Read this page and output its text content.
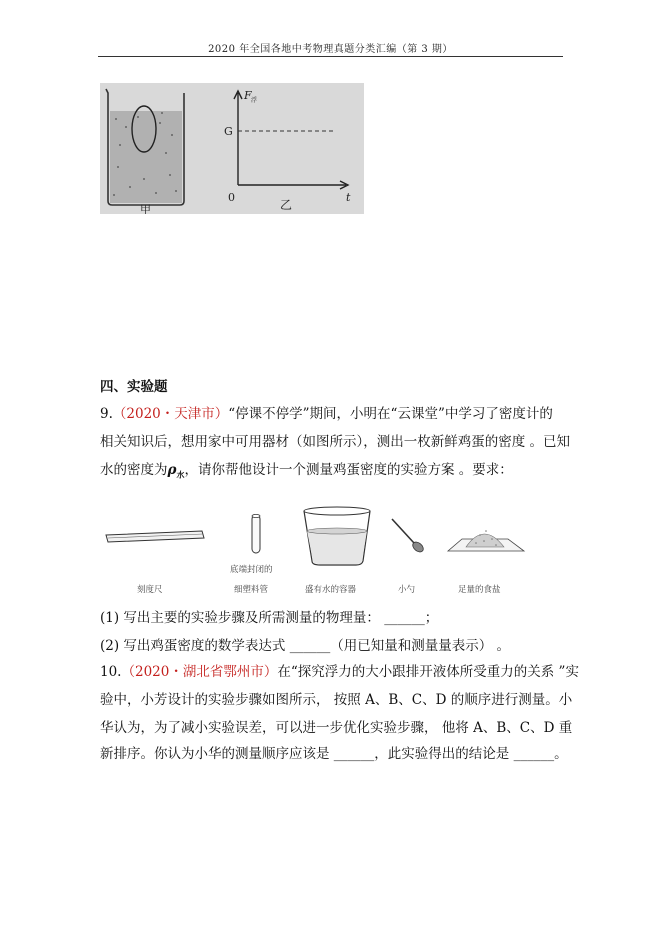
2020 年全国各地中考物理真题分类汇编（第 3 期）
甲
F 浮
G
0	t
乙
四、实验题
9.（2020・天津市）“停课不停学”期间，小明在“云课堂”中学习了密度计的
相关知识后，想用家中可用器材（如图所示），测出一枚新鲜鸡蛋的密度 。已知
水的密度为$\rho_水$，请你帮他设计一个测量鸡蛋密度的实验方案 。要求：
刻度尺
底端封闭的
细塑料管	盛有水的容器	小勺	足量的食盐
(1) 写出主要的实验步骤及所需测量的物理量： ______；
(2) 写出鸡蛋密度的数学表达式 ______（用已知量和测量量表示） 。
10.（2020・湖北省鄂州市）在“探究浮力的大小跟排开液体所受重力的关系 ”实
验中，小芳设计的实验步骤如图所示， 按照 A、B、C、D 的顺序进行测量。小
华认为，为了减小实验误差，可以进一步优化实验步骤， 他将 A、B、C、D 重
新排序。你认为小华的测量顺序应该是 ______，此实验得出的结论是 ______。
